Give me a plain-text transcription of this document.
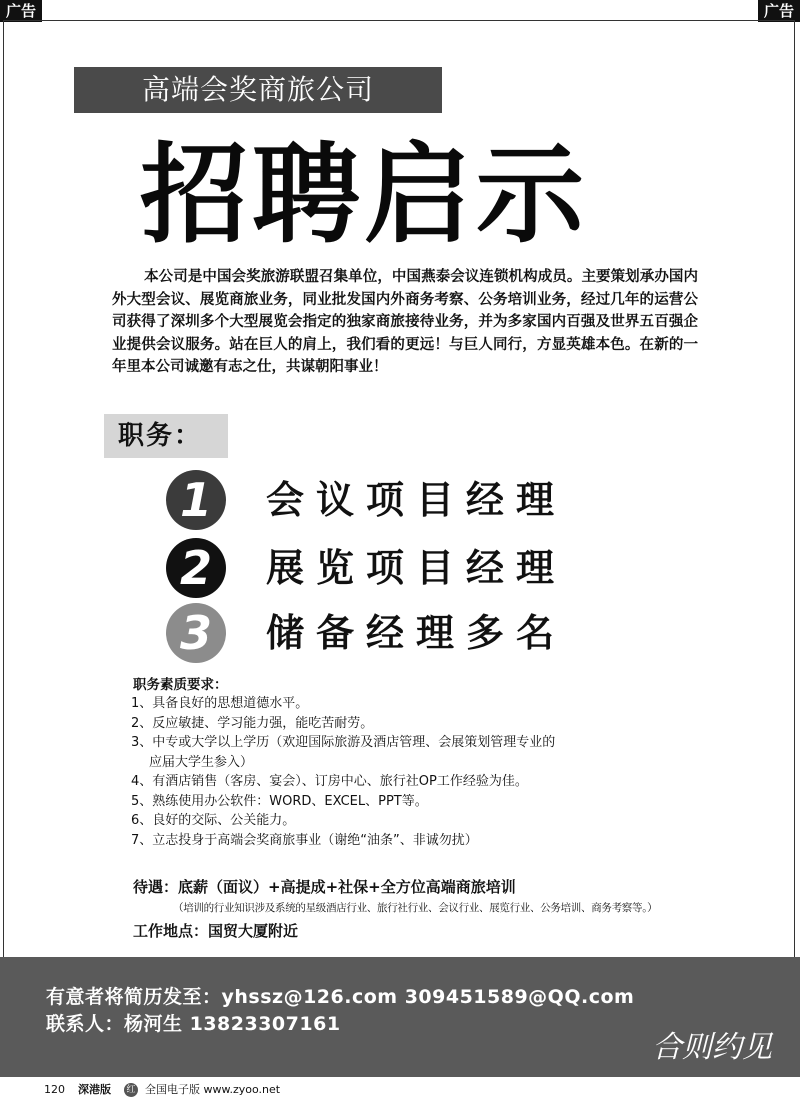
广告	广告
高端会奖商旅公司
招聘启示
本公司是中国会奖旅游联盟召集单位，中国燕泰会议连锁机构成员。主要策划承办国内外大型会议、展览商旅业务，同业批发国内外商务考察、公务培训业务，经过几年的运营公司获得了深圳多个大型展览会指定的独家商旅接待业务，并为多家国内百强及世界五百强企业提供会议服务。站在巨人的肩上，我们看的更远！与巨人同行，方显英雄本色。在新的一年里本公司诚邀有志之仕，共谋朝阳事业！
职务：
1	会议项目经理
2	展览项目经理
3	储备经理多名
职务素质要求：
1、具备良好的思想道德水平。
2、反应敏捷、学习能力强，能吃苦耐劳。
3、中专或大学以上学历（欢迎国际旅游及酒店管理、会展策划管理专业的
应届大学生参入）
4、有酒店销售（客房、宴会）、订房中心、旅行社OP工作经验为佳。
5、熟练使用办公软件：WORD、EXCEL、PPT等。
6、良好的交际、公关能力。
7、立志投身于高端会奖商旅事业（谢绝“油条”、非诚勿扰）
待遇：底薪（面议）+高提成+社保+全方位高端商旅培训
（培训的行业知识涉及系统的星级酒店行业、旅行社行业、会议行业、展览行业、公务培训、商务考察等。）
工作地点：国贸大厦附近
有意者将简历发至：yhssz@126.com 309451589@QQ.com
联系人：杨河生 13823307161
合则约见
120 深港版 红 全国电子版 www.zyoo.net
